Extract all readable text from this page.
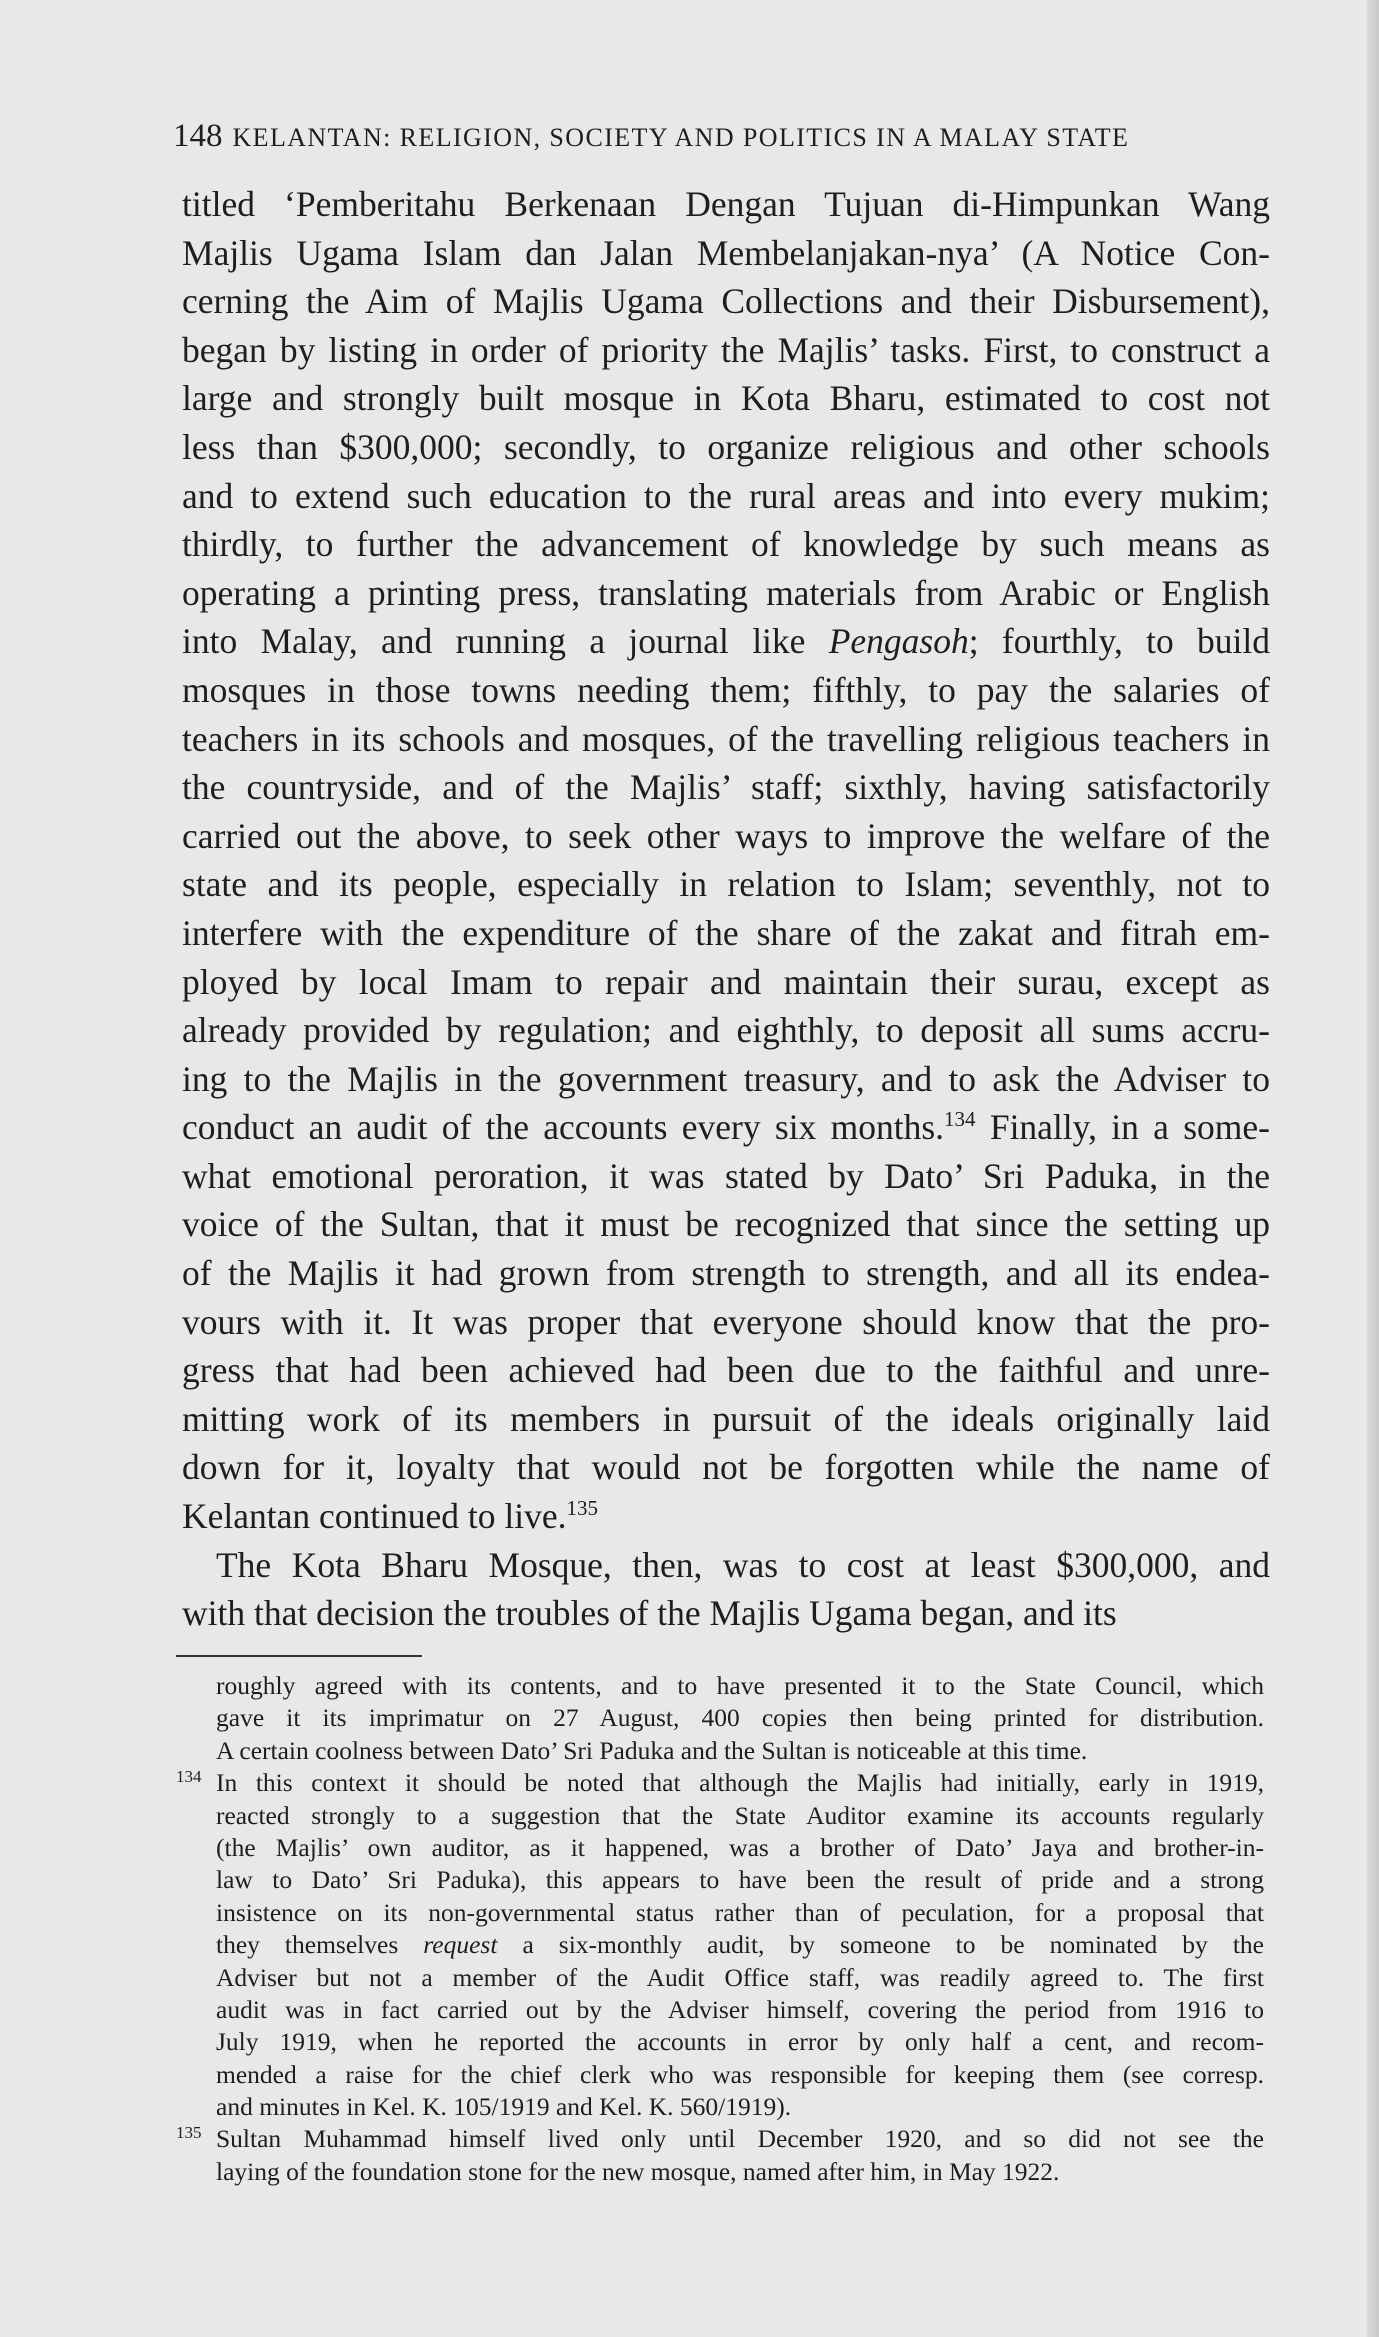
148 KELANTAN: RELIGION, SOCIETY AND POLITICS IN A MALAY STATE
titled ‘Pemberitahu Berkenaan Dengan Tujuan di-Himpunkan Wang
Majlis Ugama Islam dan Jalan Membelanjakan-nya’ (A Notice Con-
cerning the Aim of Majlis Ugama Collections and their Disbursement),
began by listing in order of priority the Majlis’ tasks. First, to construct a
large and strongly built mosque in Kota Bharu, estimated to cost not
less than $300,000; secondly, to organize religious and other schools
and to extend such education to the rural areas and into every mukim;
thirdly, to further the advancement of knowledge by such means as
operating a printing press, translating materials from Arabic or English
into Malay, and running a journal like Pengasoh; fourthly, to build
mosques in those towns needing them; fifthly, to pay the salaries of
teachers in its schools and mosques, of the travelling religious teachers in
the countryside, and of the Majlis’ staff; sixthly, having satisfactorily
carried out the above, to seek other ways to improve the welfare of the
state and its people, especially in relation to Islam; seventhly, not to
interfere with the expenditure of the share of the zakat and fitrah em-
ployed by local Imam to repair and maintain their surau, except as
already provided by regulation; and eighthly, to deposit all sums accru-
ing to the Majlis in the government treasury, and to ask the Adviser to
conduct an audit of the accounts every six months.$^{134}$ Finally, in a some-
what emotional peroration, it was stated by Dato’ Sri Paduka, in the
voice of the Sultan, that it must be recognized that since the setting up
of the Majlis it had grown from strength to strength, and all its endea-
vours with it. It was proper that everyone should know that the pro-
gress that had been achieved had been due to the faithful and unre-
mitting work of its members in pursuit of the ideals originally laid
down for it, loyalty that would not be forgotten while the name of
Kelantan continued to live.$^{135}$
The Kota Bharu Mosque, then, was to cost at least $300,000, and
with that decision the troubles of the Majlis Ugama began, and its
roughly agreed with its contents, and to have presented it to the State Council, which
gave it its imprimatur on 27 August, 400 copies then being printed for distribution.
A certain coolness between Dato’ Sri Paduka and the Sultan is noticeable at this time.
134 In this context it should be noted that although the Majlis had initially, early in 1919,
reacted strongly to a suggestion that the State Auditor examine its accounts regularly
(the Majlis’ own auditor, as it happened, was a brother of Dato’ Jaya and brother-in-
law to Dato’ Sri Paduka), this appears to have been the result of pride and a strong
insistence on its non-governmental status rather than of peculation, for a proposal that
they themselves request a six-monthly audit, by someone to be nominated by the
Adviser but not a member of the Audit Office staff, was readily agreed to. The first
audit was in fact carried out by the Adviser himself, covering the period from 1916 to
July 1919, when he reported the accounts in error by only half a cent, and recom-
mended a raise for the chief clerk who was responsible for keeping them (see corresp.
and minutes in Kel. K. 105/1919 and Kel. K. 560/1919).
135 Sultan Muhammad himself lived only until December 1920, and so did not see the
laying of the foundation stone for the new mosque, named after him, in May 1922.
